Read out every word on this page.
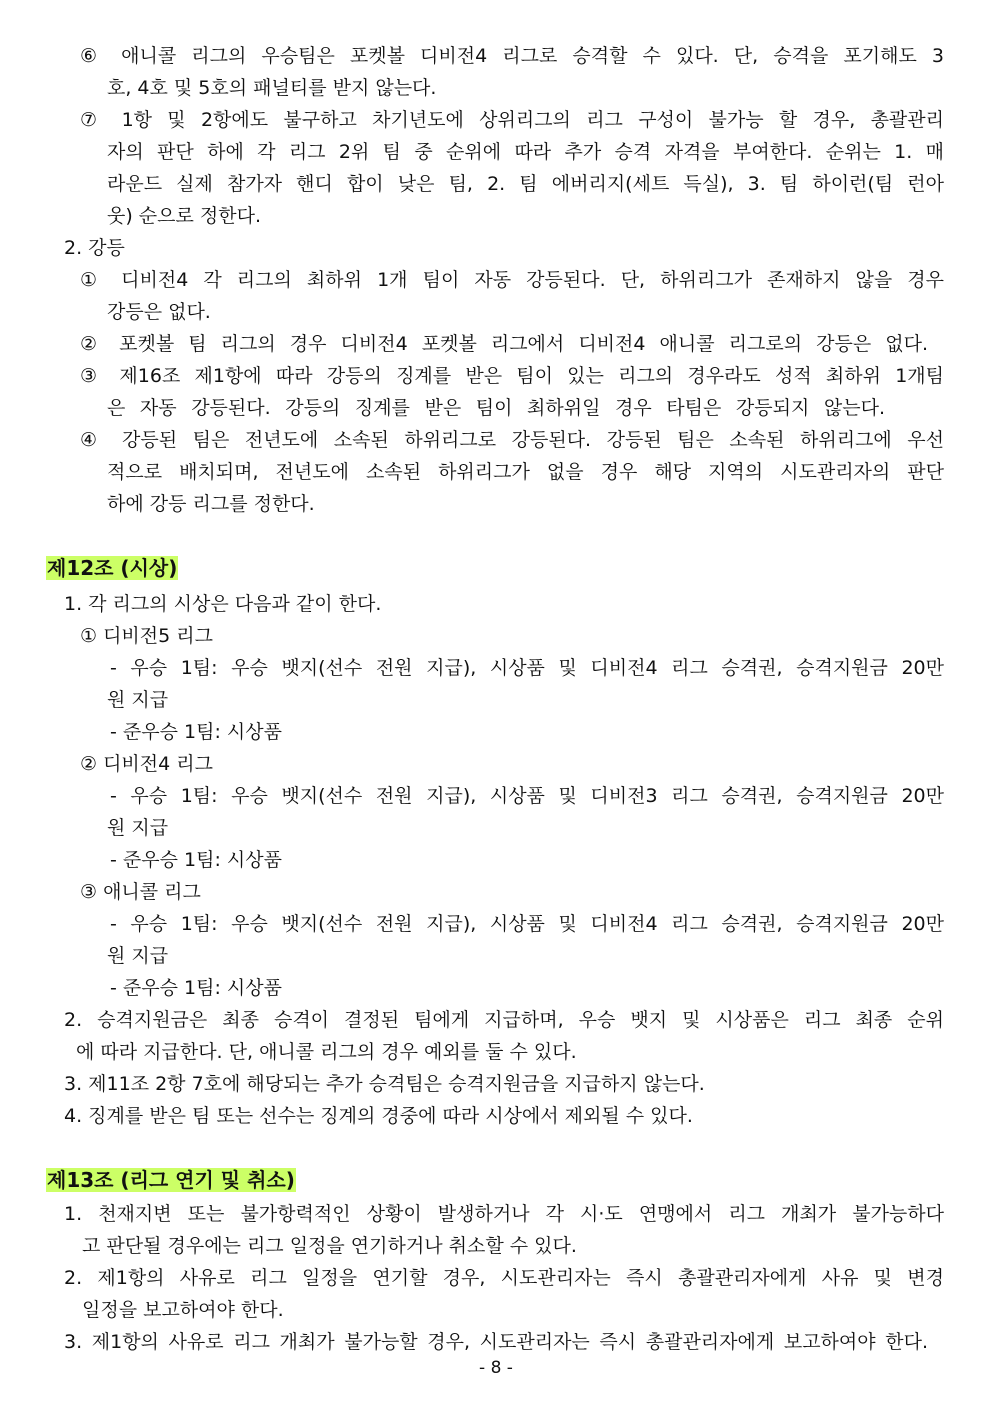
⑥ 애니콜 리그의 우승팀은 포켓볼 디비전4 리그로 승격할 수 있다. 단, 승격을 포기해도 3
호, 4호 및 5호의 패널티를 받지 않는다.
⑦ 1항 및 2항에도 불구하고 차기년도에 상위리그의 리그 구성이 불가능 할 경우, 총괄관리
자의 판단 하에 각 리그 2위 팀 중 순위에 따라 추가 승격 자격을 부여한다. 순위는 1. 매
라운드 실제 참가자 핸디 합이 낮은 팀, 2. 팀 에버리지(세트 득실), 3. 팀 하이런(팀 런아
웃) 순으로 정한다.
2. 강등
① 디비전4 각 리그의 최하위 1개 팀이 자동 강등된다. 단, 하위리그가 존재하지 않을 경우
강등은 없다.
② 포켓볼 팀 리그의 경우 디비전4 포켓볼 리그에서 디비전4 애니콜 리그로의 강등은 없다.
③ 제16조 제1항에 따라 강등의 징계를 받은 팀이 있는 리그의 경우라도 성적 최하위 1개팀
은 자동 강등된다. 강등의 징계를 받은 팀이 최하위일 경우 타팀은 강등되지 않는다.
④ 강등된 팀은 전년도에 소속된 하위리그로 강등된다. 강등된 팀은 소속된 하위리그에 우선
적으로 배치되며, 전년도에 소속된 하위리그가 없을 경우 해당 지역의 시도관리자의 판단
하에 강등 리그를 정한다.
제12조 (시상)
1. 각 리그의 시상은 다음과 같이 한다.
① 디비전5 리그
- 우승 1팀: 우승 뱃지(선수 전원 지급), 시상품 및 디비전4 리그 승격권, 승격지원금 20만
원 지급
- 준우승 1팀: 시상품
② 디비전4 리그
- 우승 1팀: 우승 뱃지(선수 전원 지급), 시상품 및 디비전3 리그 승격권, 승격지원금 20만
원 지급
- 준우승 1팀: 시상품
③ 애니콜 리그
- 우승 1팀: 우승 뱃지(선수 전원 지급), 시상품 및 디비전4 리그 승격권, 승격지원금 20만
원 지급
- 준우승 1팀: 시상품
2. 승격지원금은 최종 승격이 결정된 팀에게 지급하며, 우승 뱃지 및 시상품은 리그 최종 순위
에 따라 지급한다. 단, 애니콜 리그의 경우 예외를 둘 수 있다.
3. 제11조 2항 7호에 해당되는 추가 승격팀은 승격지원금을 지급하지 않는다.
4. 징계를 받은 팀 또는 선수는 징계의 경중에 따라 시상에서 제외될 수 있다.
제13조 (리그 연기 및 취소)
1. 천재지변 또는 불가항력적인 상황이 발생하거나 각 시·도 연맹에서 리그 개최가 불가능하다
고 판단될 경우에는 리그 일정을 연기하거나 취소할 수 있다.
2. 제1항의 사유로 리그 일정을 연기할 경우, 시도관리자는 즉시 총괄관리자에게 사유 및 변경
일정을 보고하여야 한다.
3. 제1항의 사유로 리그 개최가 불가능할 경우, 시도관리자는 즉시 총괄관리자에게 보고하여야 한다.
- 8 -
